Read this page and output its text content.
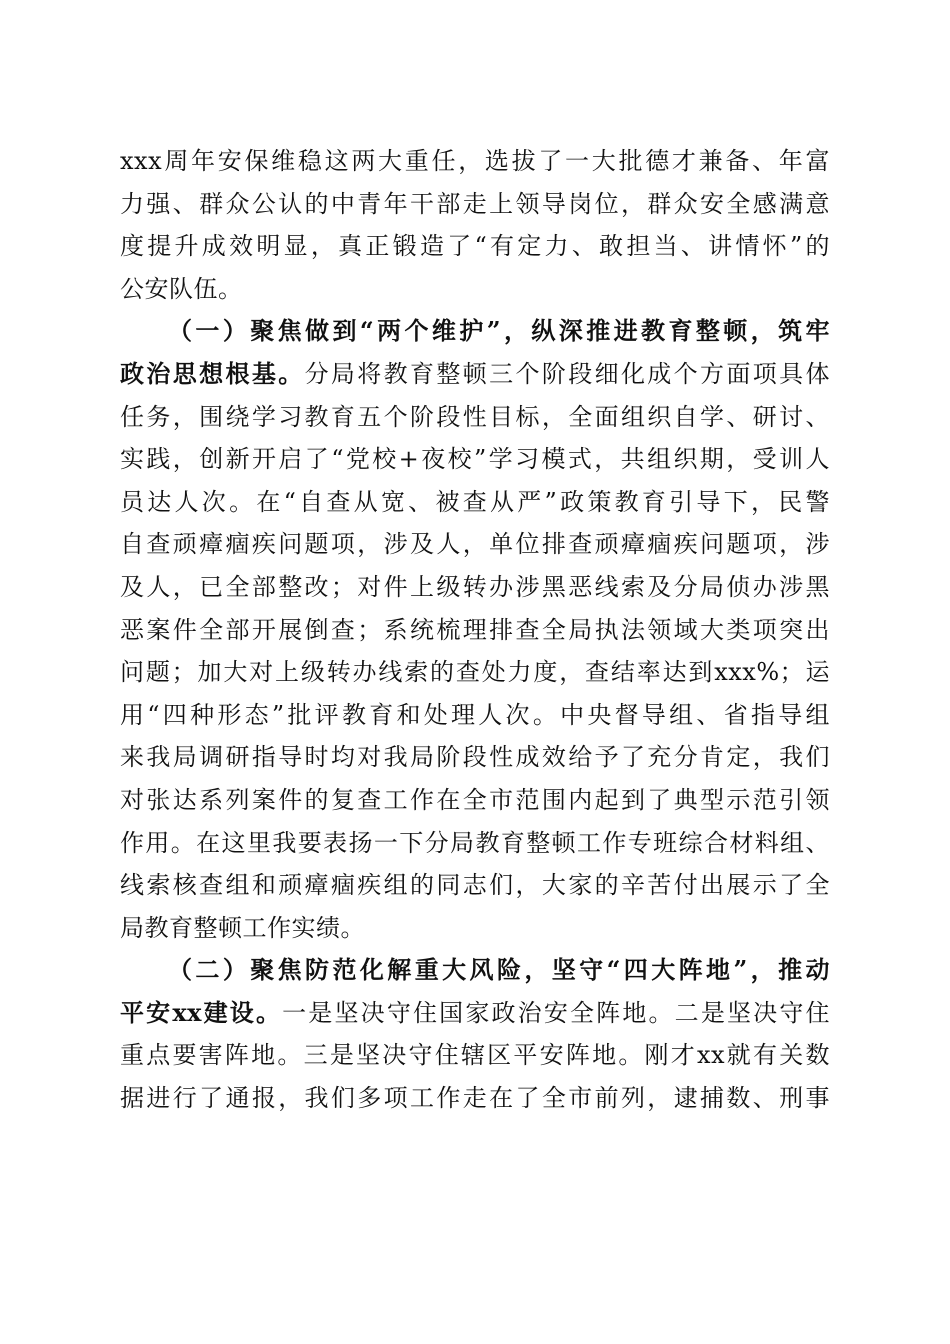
xxx周年安保维稳这两大重任，选拔了一大批德才兼备、年富
力强、群众公认的中青年干部走上领导岗位，群众安全感满意
度提升成效明显，真正锻造了“有定力、敢担当、讲情怀”的
公安队伍。
（一）聚焦做到“两个维护”，纵深推进教育整顿，筑牢
政治思想根基。分局将教育整顿三个阶段细化成个方面项具体
任务，围绕学习教育五个阶段性目标，全面组织自学、研讨、
实践，创新开启了“党校+夜校”学习模式，共组织期，受训人
员达人次。在“自查从宽、被查从严”政策教育引导下，民警
自查顽瘴痼疾问题项，涉及人，单位排查顽瘴痼疾问题项，涉
及人，已全部整改；对件上级转办涉黑恶线索及分局侦办涉黑
恶案件全部开展倒查；系统梳理排查全局执法领域大类项突出
问题；加大对上级转办线索的查处力度，查结率达到xxx%；运
用“四种形态”批评教育和处理人次。中央督导组、省指导组
来我局调研指导时均对我局阶段性成效给予了充分肯定，我们
对张达系列案件的复查工作在全市范围内起到了典型示范引领
作用。在这里我要表扬一下分局教育整顿工作专班综合材料组、
线索核查组和顽瘴痼疾组的同志们，大家的辛苦付出展示了全
局教育整顿工作实绩。
（二）聚焦防范化解重大风险，坚守“四大阵地”，推动
平安xx建设。一是坚决守住国家政治安全阵地。二是坚决守住
重点要害阵地。三是坚决守住辖区平安阵地。刚才xx就有关数
据进行了通报，我们多项工作走在了全市前列，逮捕数、刑事
